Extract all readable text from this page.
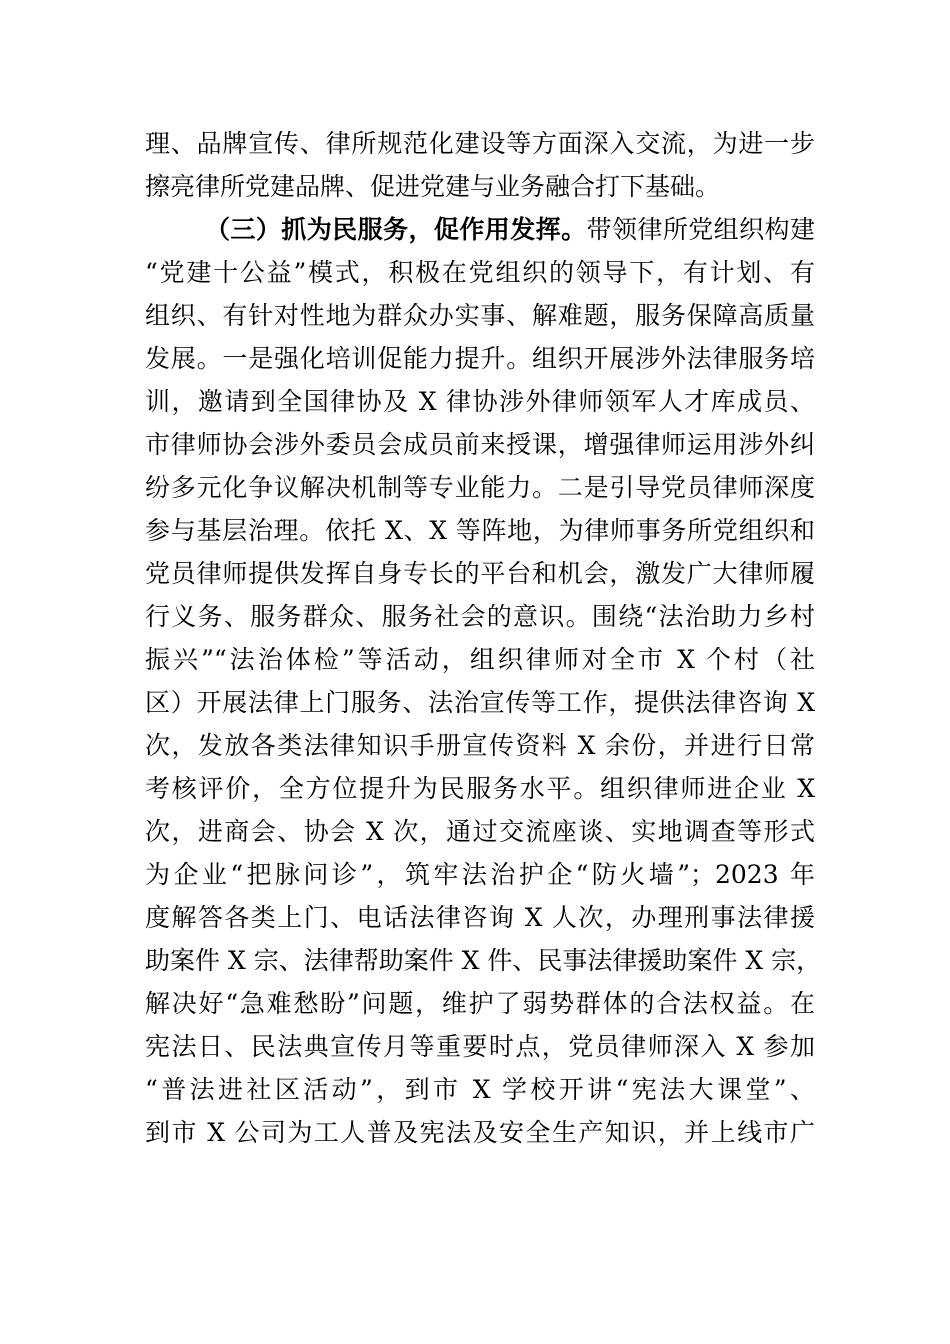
理、品牌宣传、律所规范化建设等方面深入交流，为进一步
擦亮律所党建品牌、促进党建与业务融合打下基础。
（三）抓为民服务，促作用发挥。带领律所党组织构建
“党建十公益”模式，积极在党组织的领导下，有计划、有
组织、有针对性地为群众办实事、解难题，服务保障高质量
发展。一是强化培训促能力提升。组织开展涉外法律服务培
训，邀请到全国律协及 X 律协涉外律师领军人才库成员、
市律师协会涉外委员会成员前来授课，增强律师运用涉外纠
纷多元化争议解决机制等专业能力。二是引导党员律师深度
参与基层治理。依托 X、X 等阵地，为律师事务所党组织和
党员律师提供发挥自身专长的平台和机会，激发广大律师履
行义务、服务群众、服务社会的意识。围绕“法治助力乡村
振兴”“法治体检”等活动，组织律师对全市 X 个村（社
区）开展法律上门服务、法治宣传等工作，提供法律咨询 X
次，发放各类法律知识手册宣传资料 X 余份，并进行日常
考核评价，全方位提升为民服务水平。组织律师进企业 X
次，进商会、协会 X 次，通过交流座谈、实地调查等形式
为企业“把脉问诊”，筑牢法治护企“防火墙”；2023 年
度解答各类上门、电话法律咨询 X 人次，办理刑事法律援
助案件 X 宗、法律帮助案件 X 件、民事法律援助案件 X 宗，
解决好“急难愁盼”问题，维护了弱势群体的合法权益。在
宪法日、民法典宣传月等重要时点，党员律师深入 X 参加
“普法进社区活动”，到市 X 学校开讲“宪法大课堂”、
到市 X 公司为工人普及宪法及安全生产知识，并上线市广
